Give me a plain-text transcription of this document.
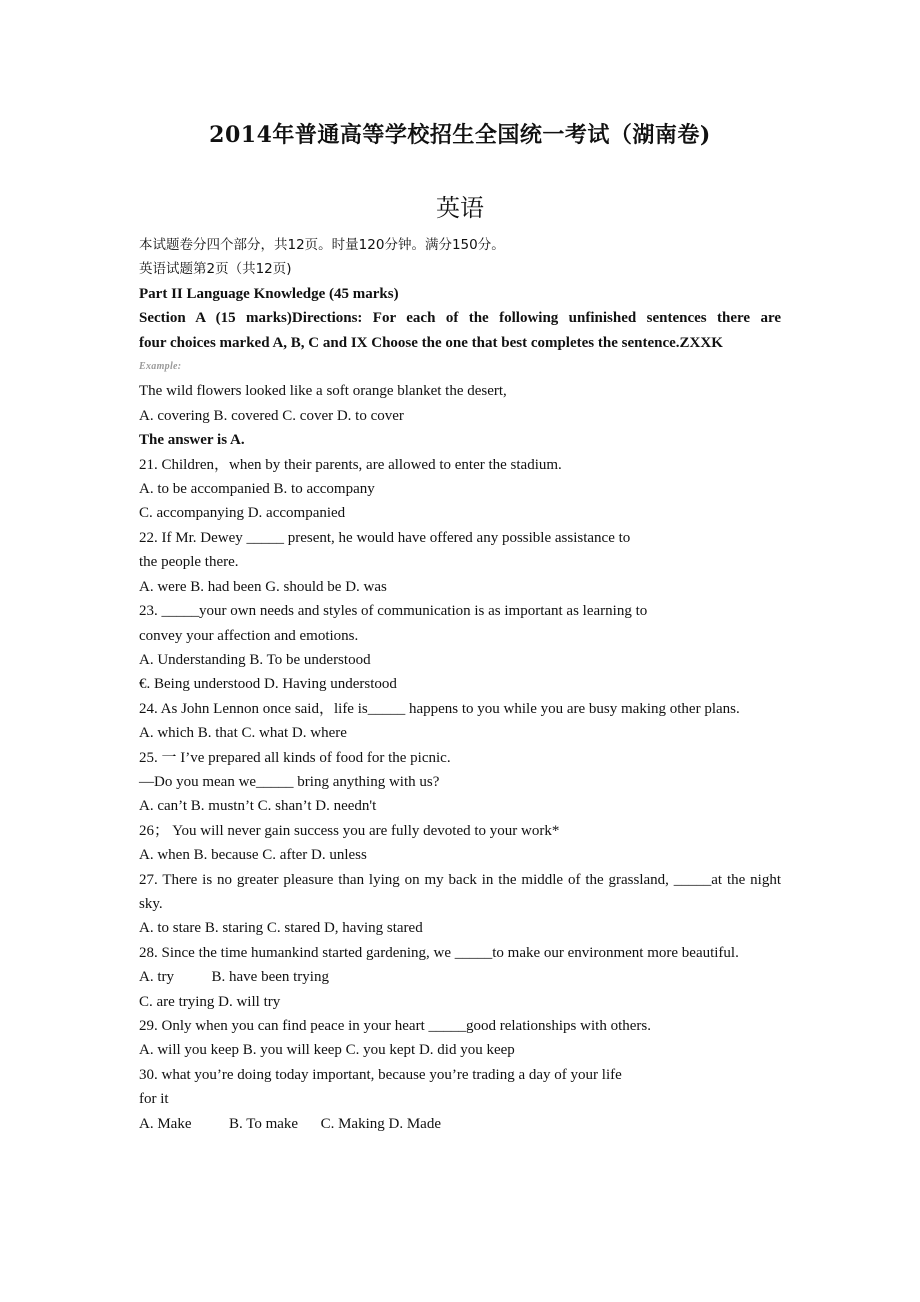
2014年普通高等学校招生全国统一考试（湖南卷)
英语
本试题卷分四个部分，共12页。时量120分钟。满分150分。
英语试题第2页（共12页)
Part II Language Knowledge (45 marks)
Section A (15 marks)Directions: For each of the following unfinished sentences there are
four choices marked A, B, C and IX Choose the one that best completes the sentence.ZXXK
Example:
The wild flowers looked like a soft orange blanket the desert,
A. covering B. covered C. cover D. to cover
The answer is A.
21. Children，when by their parents, are allowed to enter the stadium.
A. to be accompanied B. to accompany
C. accompanying D. accompanied
22. If Mr. Dewey _____ present, he would have offered any possible assistance to
the people there.
A. were B. had been G. should be D. was
23. _____your own needs and styles of communication is as important as learning to
convey your affection and emotions.
A. Understanding B. To be understood
€. Being understood D. Having understood
24. As John Lennon once said，life is_____ happens to you while you are busy making other plans.
A. which B. that C. what D. where
25. 一 I’ve prepared all kinds of food for the picnic.
—Do you mean we_____ bring anything with us?
A. can’t B. mustn’t C. shan’t D. needn't
26； You will never gain success you are fully devoted to your work*
A. when B. because C. after D. unless
27. There is no greater pleasure than lying on my back in the middle of the grassland, _____at the night sky.
A. to stare B. staring C. stared D, having stared
28. Since the time humankind started gardening, we _____to make our environment more beautiful.
A. try          B. have been trying
C. are trying D. will try
29. Only when you can find peace in your heart _____good relationships with others.
A. will you keep B. you will keep C. you kept D. did you keep
30. what you’re doing today important, because you’re trading a day of your life
for it
A. Make          B. To make      C. Making D. Made
